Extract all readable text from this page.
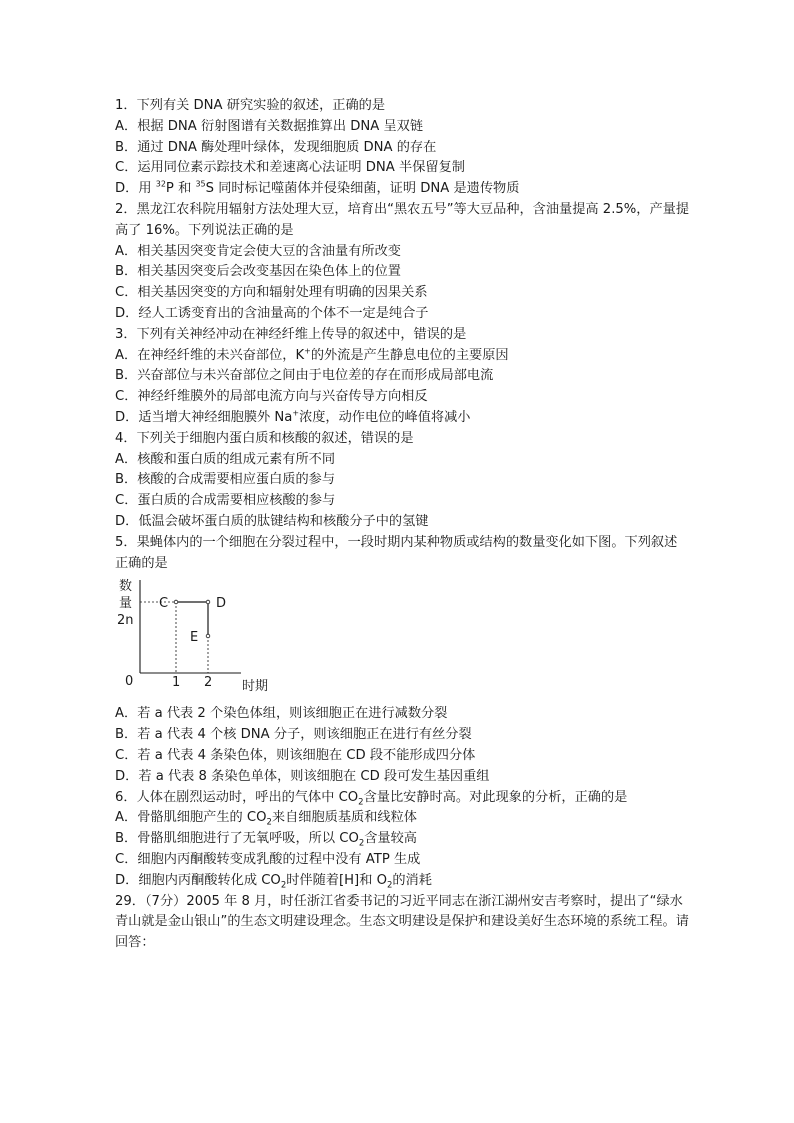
1．下列有关 DNA 研究实验的叙述，正确的是
A．根据 DNA 衍射图谱有关数据推算出 DNA 呈双链
B．通过 DNA 酶处理叶绿体，发现细胞质 DNA 的存在
C．运用同位素示踪技术和差速离心法证明 DNA 半保留复制
D．用 $^{32}$P 和 $^{35}$S 同时标记噬菌体并侵染细菌，证明 DNA 是遗传物质
2．黑龙江农科院用辐射方法处理大豆，培育出“黑农五号”等大豆品种，含油量提高 2.5%，产量提高了 16%。下列说法正确的是
A．相关基因突变肯定会使大豆的含油量有所改变
B．相关基因突变后会改变基因在染色体上的位置
C．相关基因突变的方向和辐射处理有明确的因果关系
D．经人工诱变育出的含油量高的个体不一定是纯合子
3．下列有关神经冲动在神经纤维上传导的叙述中，错误的是
A．在神经纤维的未兴奋部位，K+的外流是产生静息电位的主要原因
B．兴奋部位与未兴奋部位之间由于电位差的存在而形成局部电流
C．神经纤维膜外的局部电流方向与兴奋传导方向相反
D．适当增大神经细胞膜外 Na+浓度，动作电位的峰值将减小
4．下列关于细胞内蛋白质和核酸的叙述，错误的是
A．核酸和蛋白质的组成元素有所不同
B．核酸的合成需要相应蛋白质的参与
C．蛋白质的合成需要相应核酸的参与
D．低温会破坏蛋白质的肽键结构和核酸分子中的氢键
5．果蝇体内的一个细胞在分裂过程中，一段时期内某种物质或结构的数量变化如下图。下列叙述正确的是
数
量
2n
0
C	D
E
1 2 时期
A．若 a 代表 2 个染色体组，则该细胞正在进行减数分裂
B．若 a 代表 4 个核 DNA 分子，则该细胞正在进行有丝分裂
C．若 a 代表 4 条染色体，则该细胞在 CD 段不能形成四分体
D．若 a 代表 8 条染色单体，则该细胞在 CD 段可发生基因重组
6．人体在剧烈运动时，呼出的气体中 $CO_2$含量比安静时高。对此现象的分析，正确的是
A．骨骼肌细胞产生的 $CO_2$来自细胞质基质和线粒体
B．骨骼肌细胞进行了无氧呼吸，所以 $CO_2$含量较高
C．细胞内丙酮酸转变成乳酸的过程中没有 ATP 生成
D．细胞内丙酮酸转化成 $CO_2$时伴随着[H]和 $O_2$的消耗
29．（7分）2005 年 8 月，时任浙江省委书记的习近平同志在浙江湖州安吉考察时，提出了“绿水青山就是金山银山”的生态文明建设理念。生态文明建设是保护和建设美好生态环境的系统工程。请回答：
